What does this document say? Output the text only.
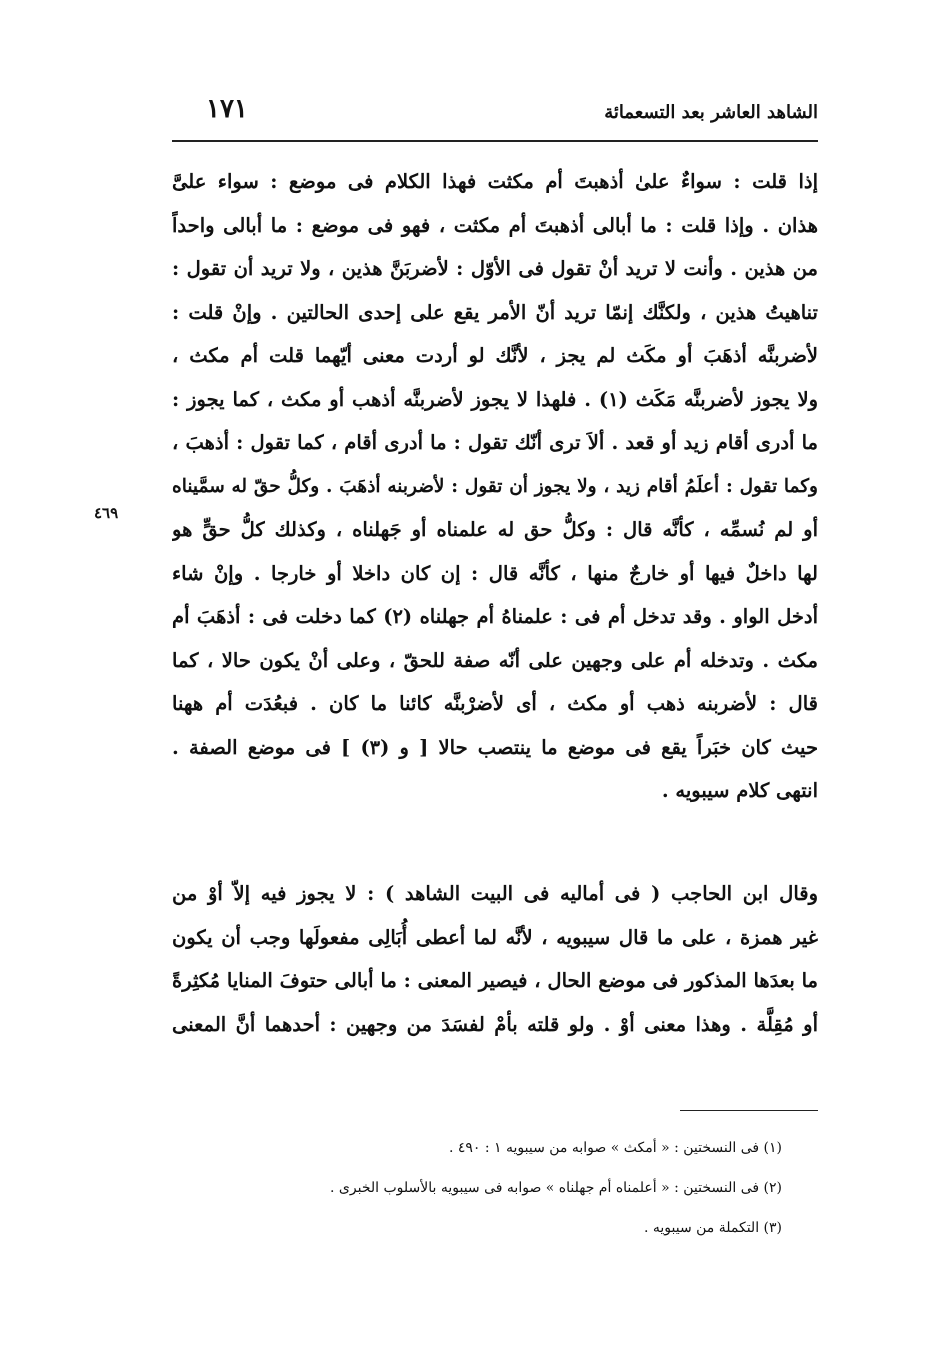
الشاهد العاشر بعد التسعمائة
١٧١
٤٦٩
إذا قلت : سواءٌ علىٰ أذهبتَ أم مكثت فهذا الكلام فى موضع : سواء علىَّ
هذان . وإذا قلت : ما أبالى أذهبتَ أم مكثت ، فهو فى موضع : ما أبالى واحداً
من هذين . وأنت لا تريد أنْ تقول فى الأوّل : لأضربَنَّ هذين ، ولا تريد أن تقول :
تناهيتُ هذين ، ولكنَّك إنمّا تريد أنّ الأمر يقع على إحدى الحالتين . وإنْ قلت :
لأضربنَّه أذهَبَ أو مكَث لم يجز ، لأنَّك لو أردت معنى أيّهما قلت أم مكث ،
ولا يجوز لأضربنَّه مَكَث (١) . فلهذا لا يجوز لأضربنَّه أذهب أو مكث ، كما يجوز :
ما أدرى أقام زيد أو قعد . ألاَ ترى أنّك تقول : ما أدرى أقام ، كما تقول : أذهبَ ،
وكما تقول : أعلَمُ أقام زيد ، ولا يجوز أن تقول : لأضربنه أذهَبَ . وكلُّ حقّ له سمَّيناه
أو لم نُسمِّه ، كأنَّه قال : وكلُّ حق له علمناه أو جَهلناه ، وكذلك كلُّ حقٍّ هو
لها داخلٌ فيها أو خارجٌ منها ، كأنَّه قال : إن كان داخلا أو خارجا . وإنْ شاء
أدخل الواو . وقد تدخل أم فى : علمناهُ أم جهلناه (٢) كما دخلت فى : أذهَبَ أم
مكث . وتدخله أم على وجهين على أنّه صفة للحقّ ، وعلى أنْ يكون حالا ، كما
قال : لأضربنه ذهب أو مكث ، أى لأضرْبنَّه كائنا ما كان . فبعُدَت أم ههنا
حيث كان خبَراً يقع فى موضع ما ينتصب حالا [ و (٣) ] فى موضع الصفة .
انتهى كلام سيبويه .
وقال ابن الحاجب ( فى أماليه فى البيت الشاهد ) : لا يجوز فيه إلاّ أوْ من
غير همزة ، على ما قال سيبويه ، لأنَّه لما أعطى أُبَالِى مفعولَها وجب أن يكون
ما بعدَها المذكور فى موضع الحال ، فيصير المعنى : ما أبالى حتوفَ المنايا مُكثِرةً
أو مُقِلَّة . وهذا معنى أوْ . ولو قلته بأمْ لفسَدَ من وجهين : أحدهما أنَّ المعنى
(١) فى النسختين : « أمكث » صوابه من سيبويه ١ : ٤٩٠ .
(٢) فى النسختين : « أعلمناه أم جهلناه » صوابه فى سيبويه بالأسلوب الخبرى .
(٣) التكملة من سيبويه .
